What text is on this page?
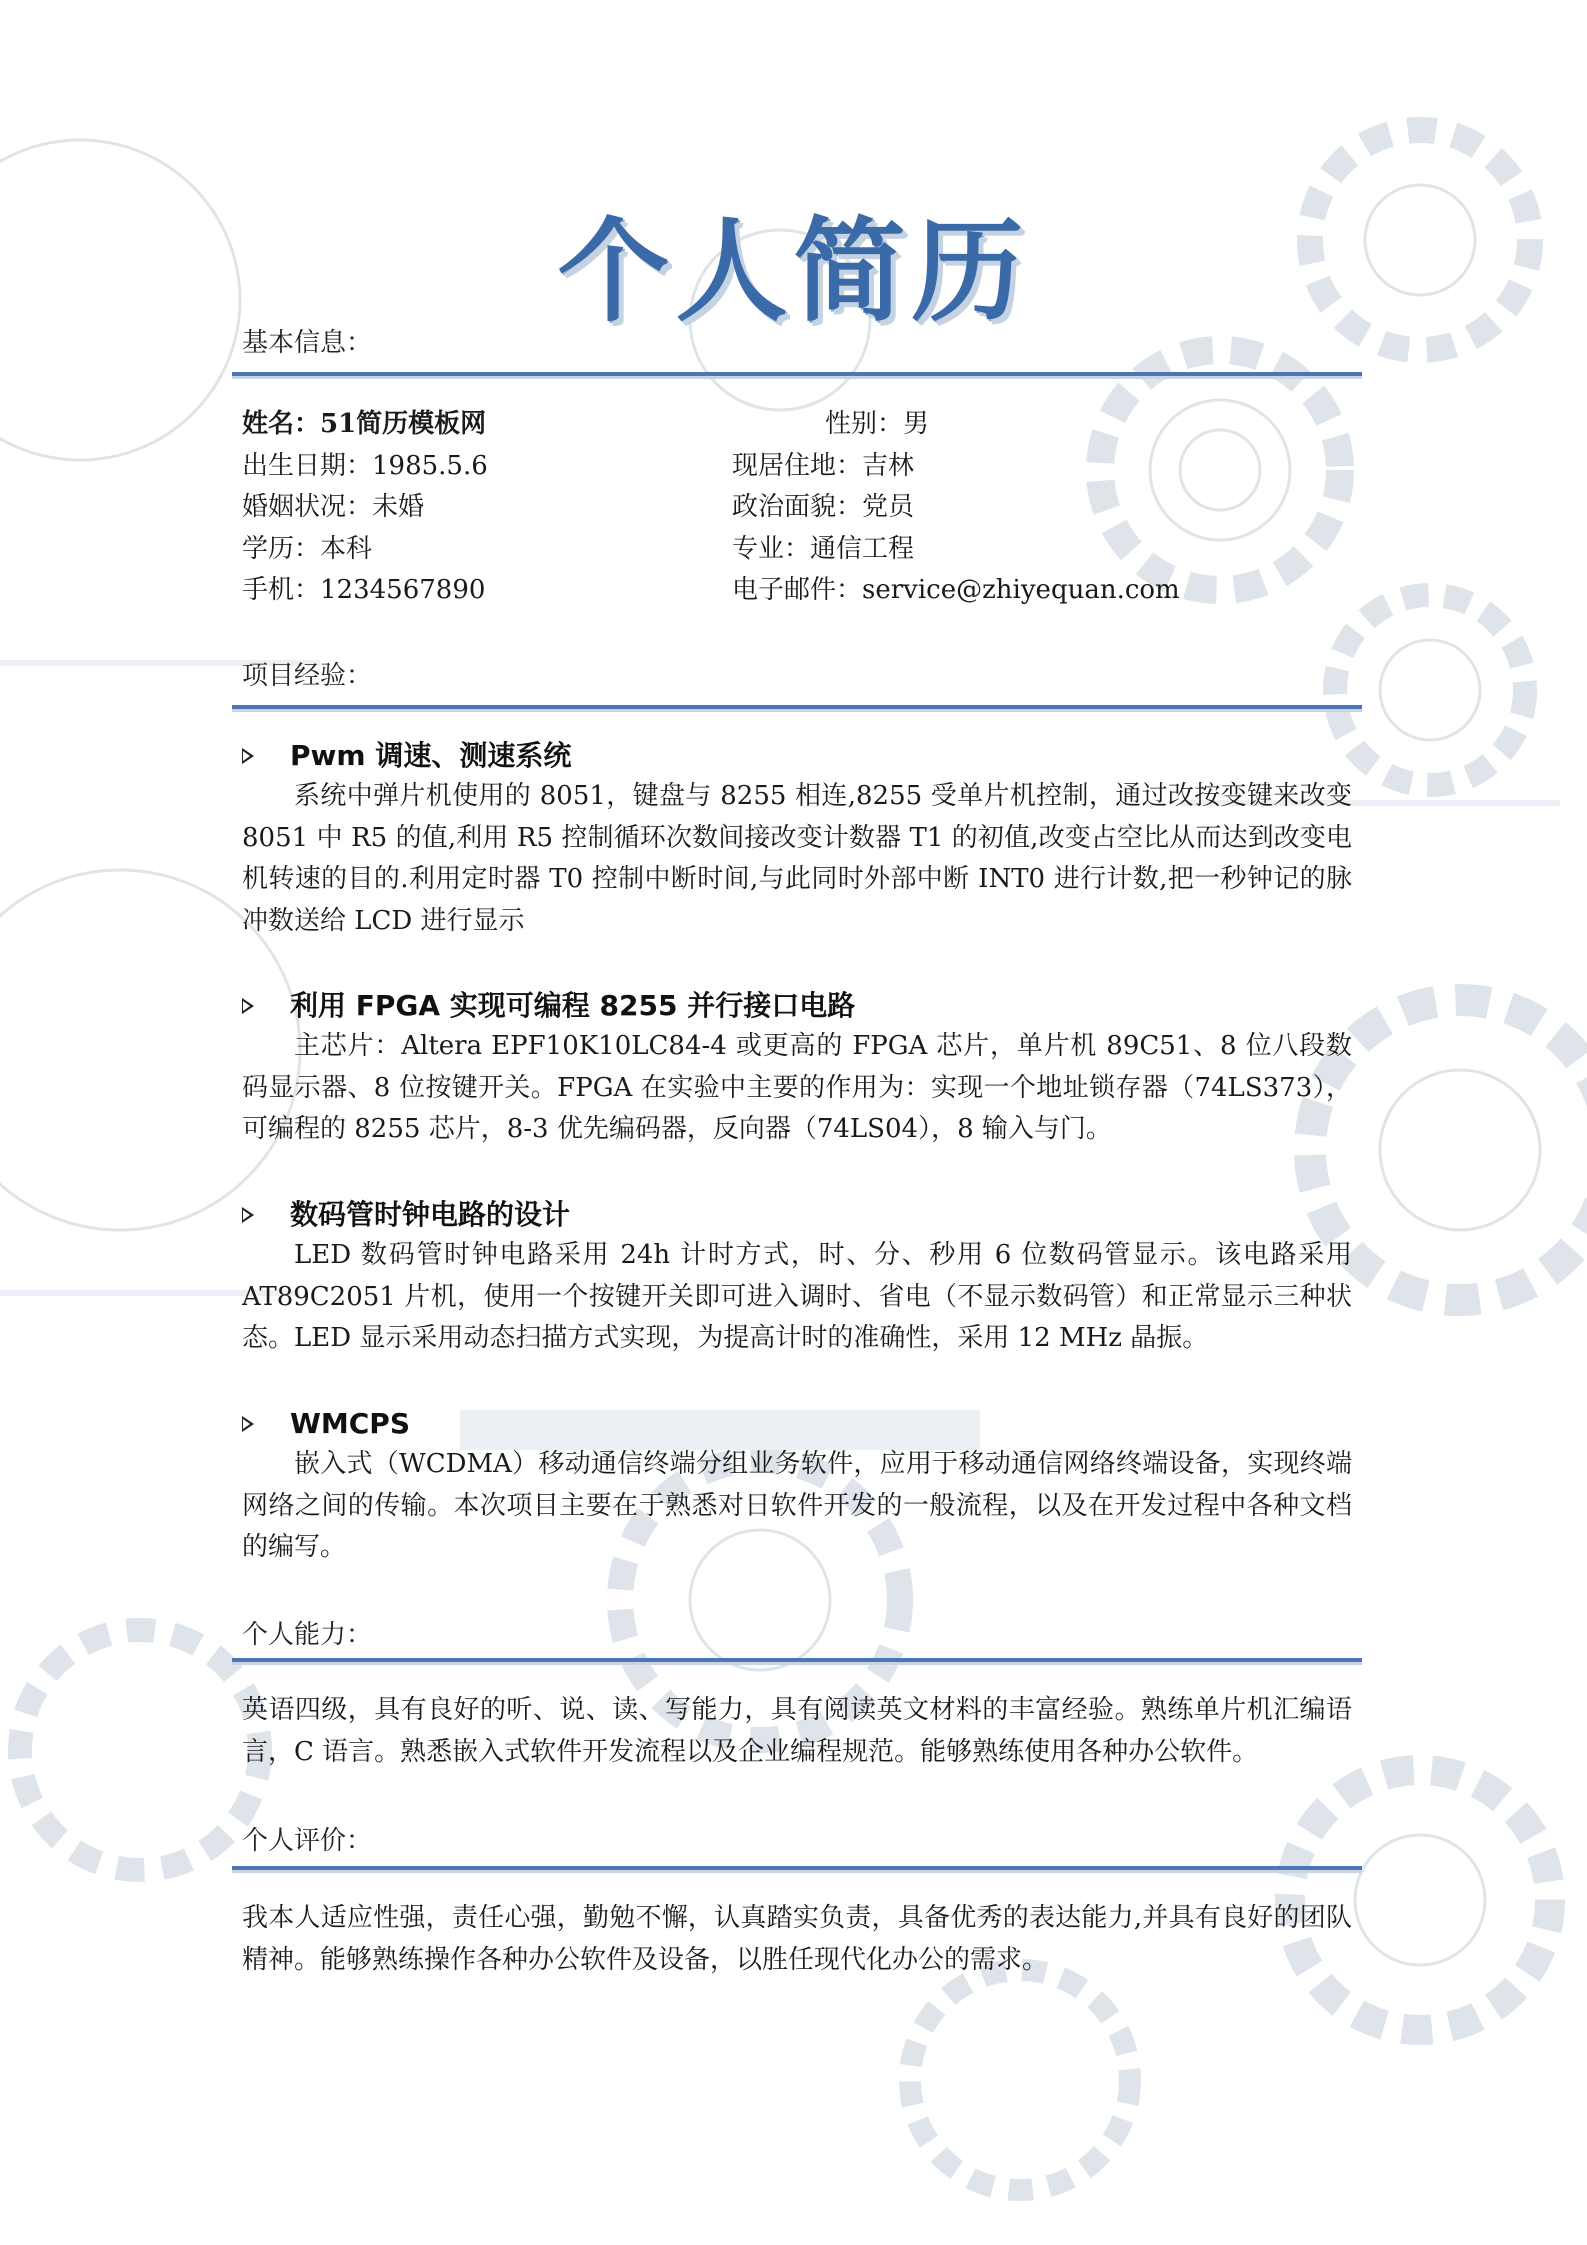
个人简历
基本信息：
姓名：51简历模板网	性别：男
出生日期：1985.5.6	现居住地：吉林
婚姻状况：未婚	政治面貌：党员
学历：本科	专业：通信工程
手机：1234567890	电子邮件：service@zhiyequan.com
项目经验：
Pwm 调速、测速系统

系统中弹片机使用的 8051，键盘与 8255 相连,8255 受单片机控制，通过改按变键来改变8051 中 R5 的值,利用 R5 控制循环次数间接改变计数器 T1 的初值,改变占空比从而达到改变电机转速的目的.利用定时器 T0 控制中断时间,与此同时外部中断 INT0 进行计数,把一秒钟记的脉冲数送给 LCD 进行显示

利用 FPGA 实现可编程 8255 并行接口电路

主芯片：Altera EPF10K10LC84-4 或更高的 FPGA 芯片，单片机 89C51、8 位八段数码显示器、8 位按键开关。FPGA 在实验中主要的作用为：实现一个地址锁存器（74LS373），可编程的 8255 芯片，8-3 优先编码器，反向器（74LS04），8 输入与门。

数码管时钟电路的设计

LED 数码管时钟电路采用 24h 计时方式，时、分、秒用 6 位数码管显示。该电路采用AT89C2051 片机，使用一个按键开关即可进入调时、省电（不显示数码管）和正常显示三种状态。LED 显示采用动态扫描方式实现，为提高计时的准确性，采用 12 MHz 晶振。

WMCPS

嵌入式（WCDMA）移动通信终端分组业务软件，应用于移动通信网络终端设备，实现终端网络之间的传输。本次项目主要在于熟悉对日软件开发的一般流程，以及在开发过程中各种文档的编写。

个人能力：

英语四级，具有良好的听、说、读、写能力，具有阅读英文材料的丰富经验。熟练单片机汇编语言，C 语言。熟悉嵌入式软件开发流程以及企业编程规范。能够熟练使用各种办公软件。

个人评价：

我本人适应性强，责任心强，勤勉不懈，认真踏实负责，具备优秀的表达能力,并具有良好的团队精神。能够熟练操作各种办公软件及设备，以胜任现代化办公的需求。
